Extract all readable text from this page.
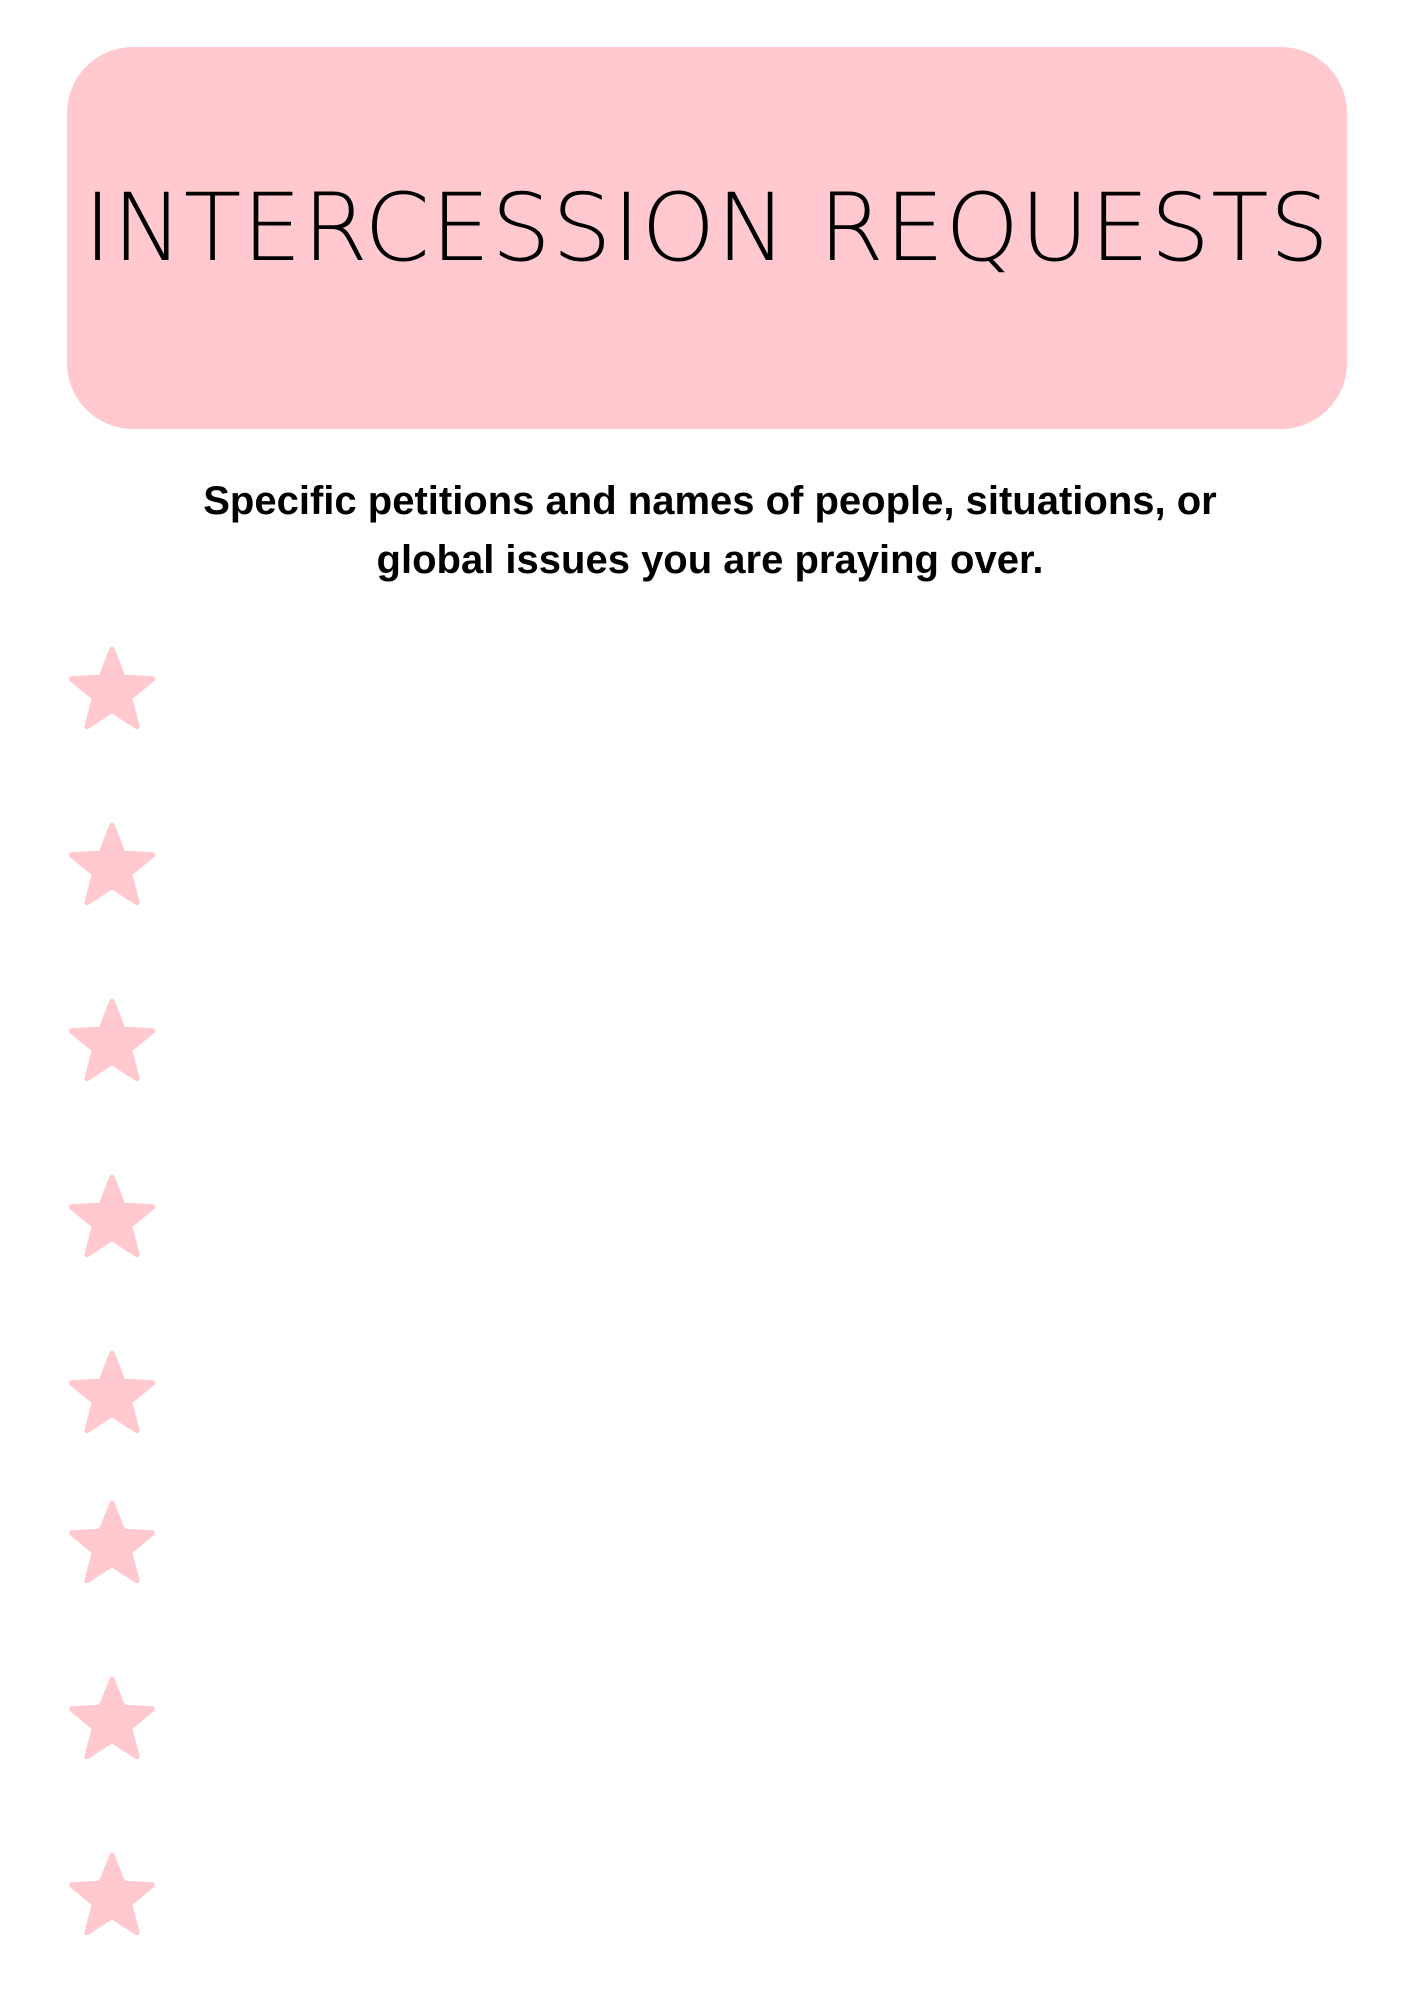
INTERCESSION REQUESTS

Specific petitions and names of people, situations, or
global issues you are praying over.
